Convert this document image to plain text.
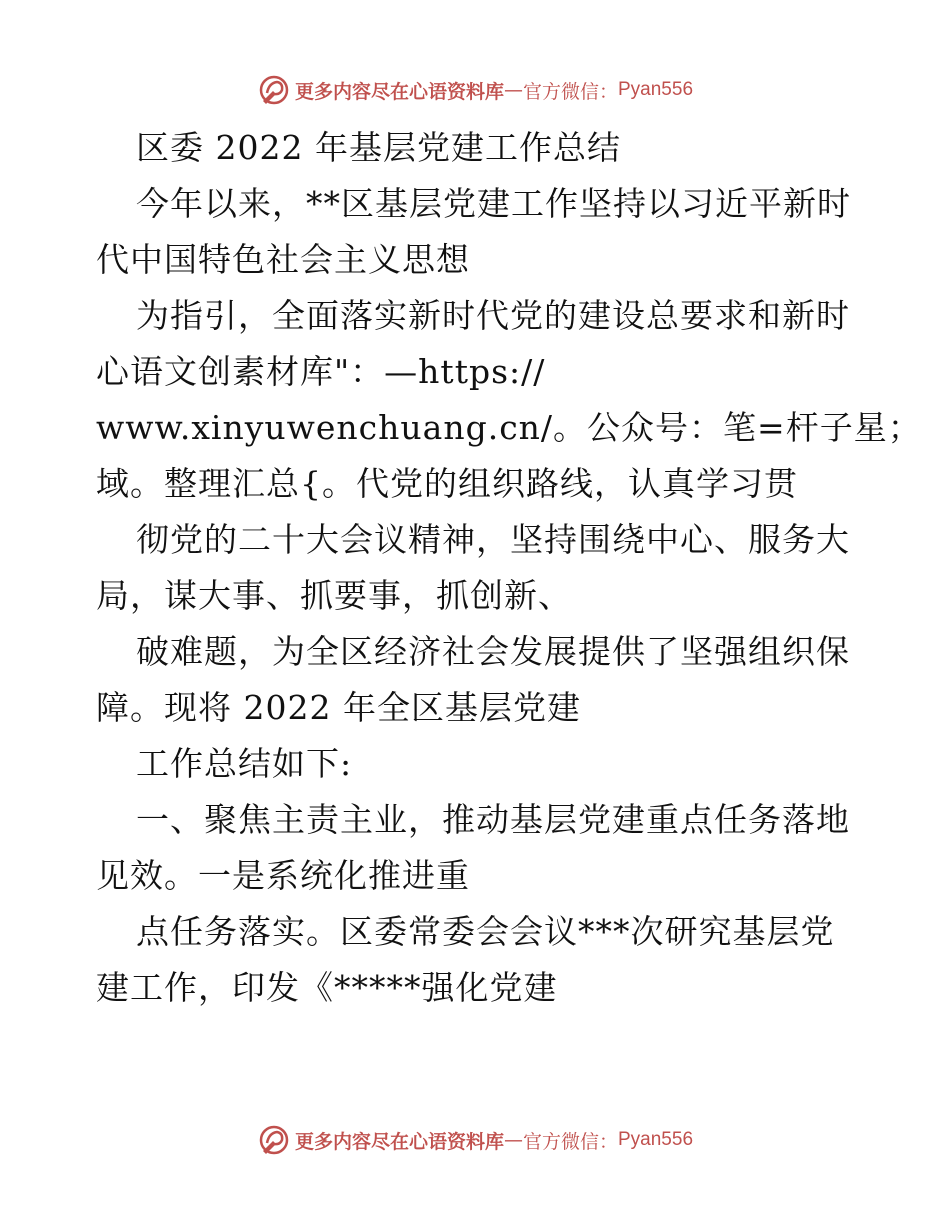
更多内容尽在心语资料库 — 官方微信： Pyan556
区委 2022 年基层党建工作总结
今年以来，**区基层党建工作坚持以习近平新时
代中国特色社会主义思想
为指引，全面落实新时代党的建设总要求和新时
心语文创素材库"：—https://
www.xinyuwenchuang.cn/。公众号：笔=杆子星；
域。整理汇总{。代党的组织路线，认真学习贯
彻党的二十大会议精神，坚持围绕中心、服务大
局，谋大事、抓要事，抓创新、
破难题，为全区经济社会发展提供了坚强组织保
障。现将 2022 年全区基层党建
工作总结如下:
一、聚焦主责主业，推动基层党建重点任务落地
见效。一是系统化推进重
点任务落实。区委常委会会议***次研究基层党
建工作，印发《*****强化党建
更多内容尽在心语资料库 — 官方微信： Pyan556
